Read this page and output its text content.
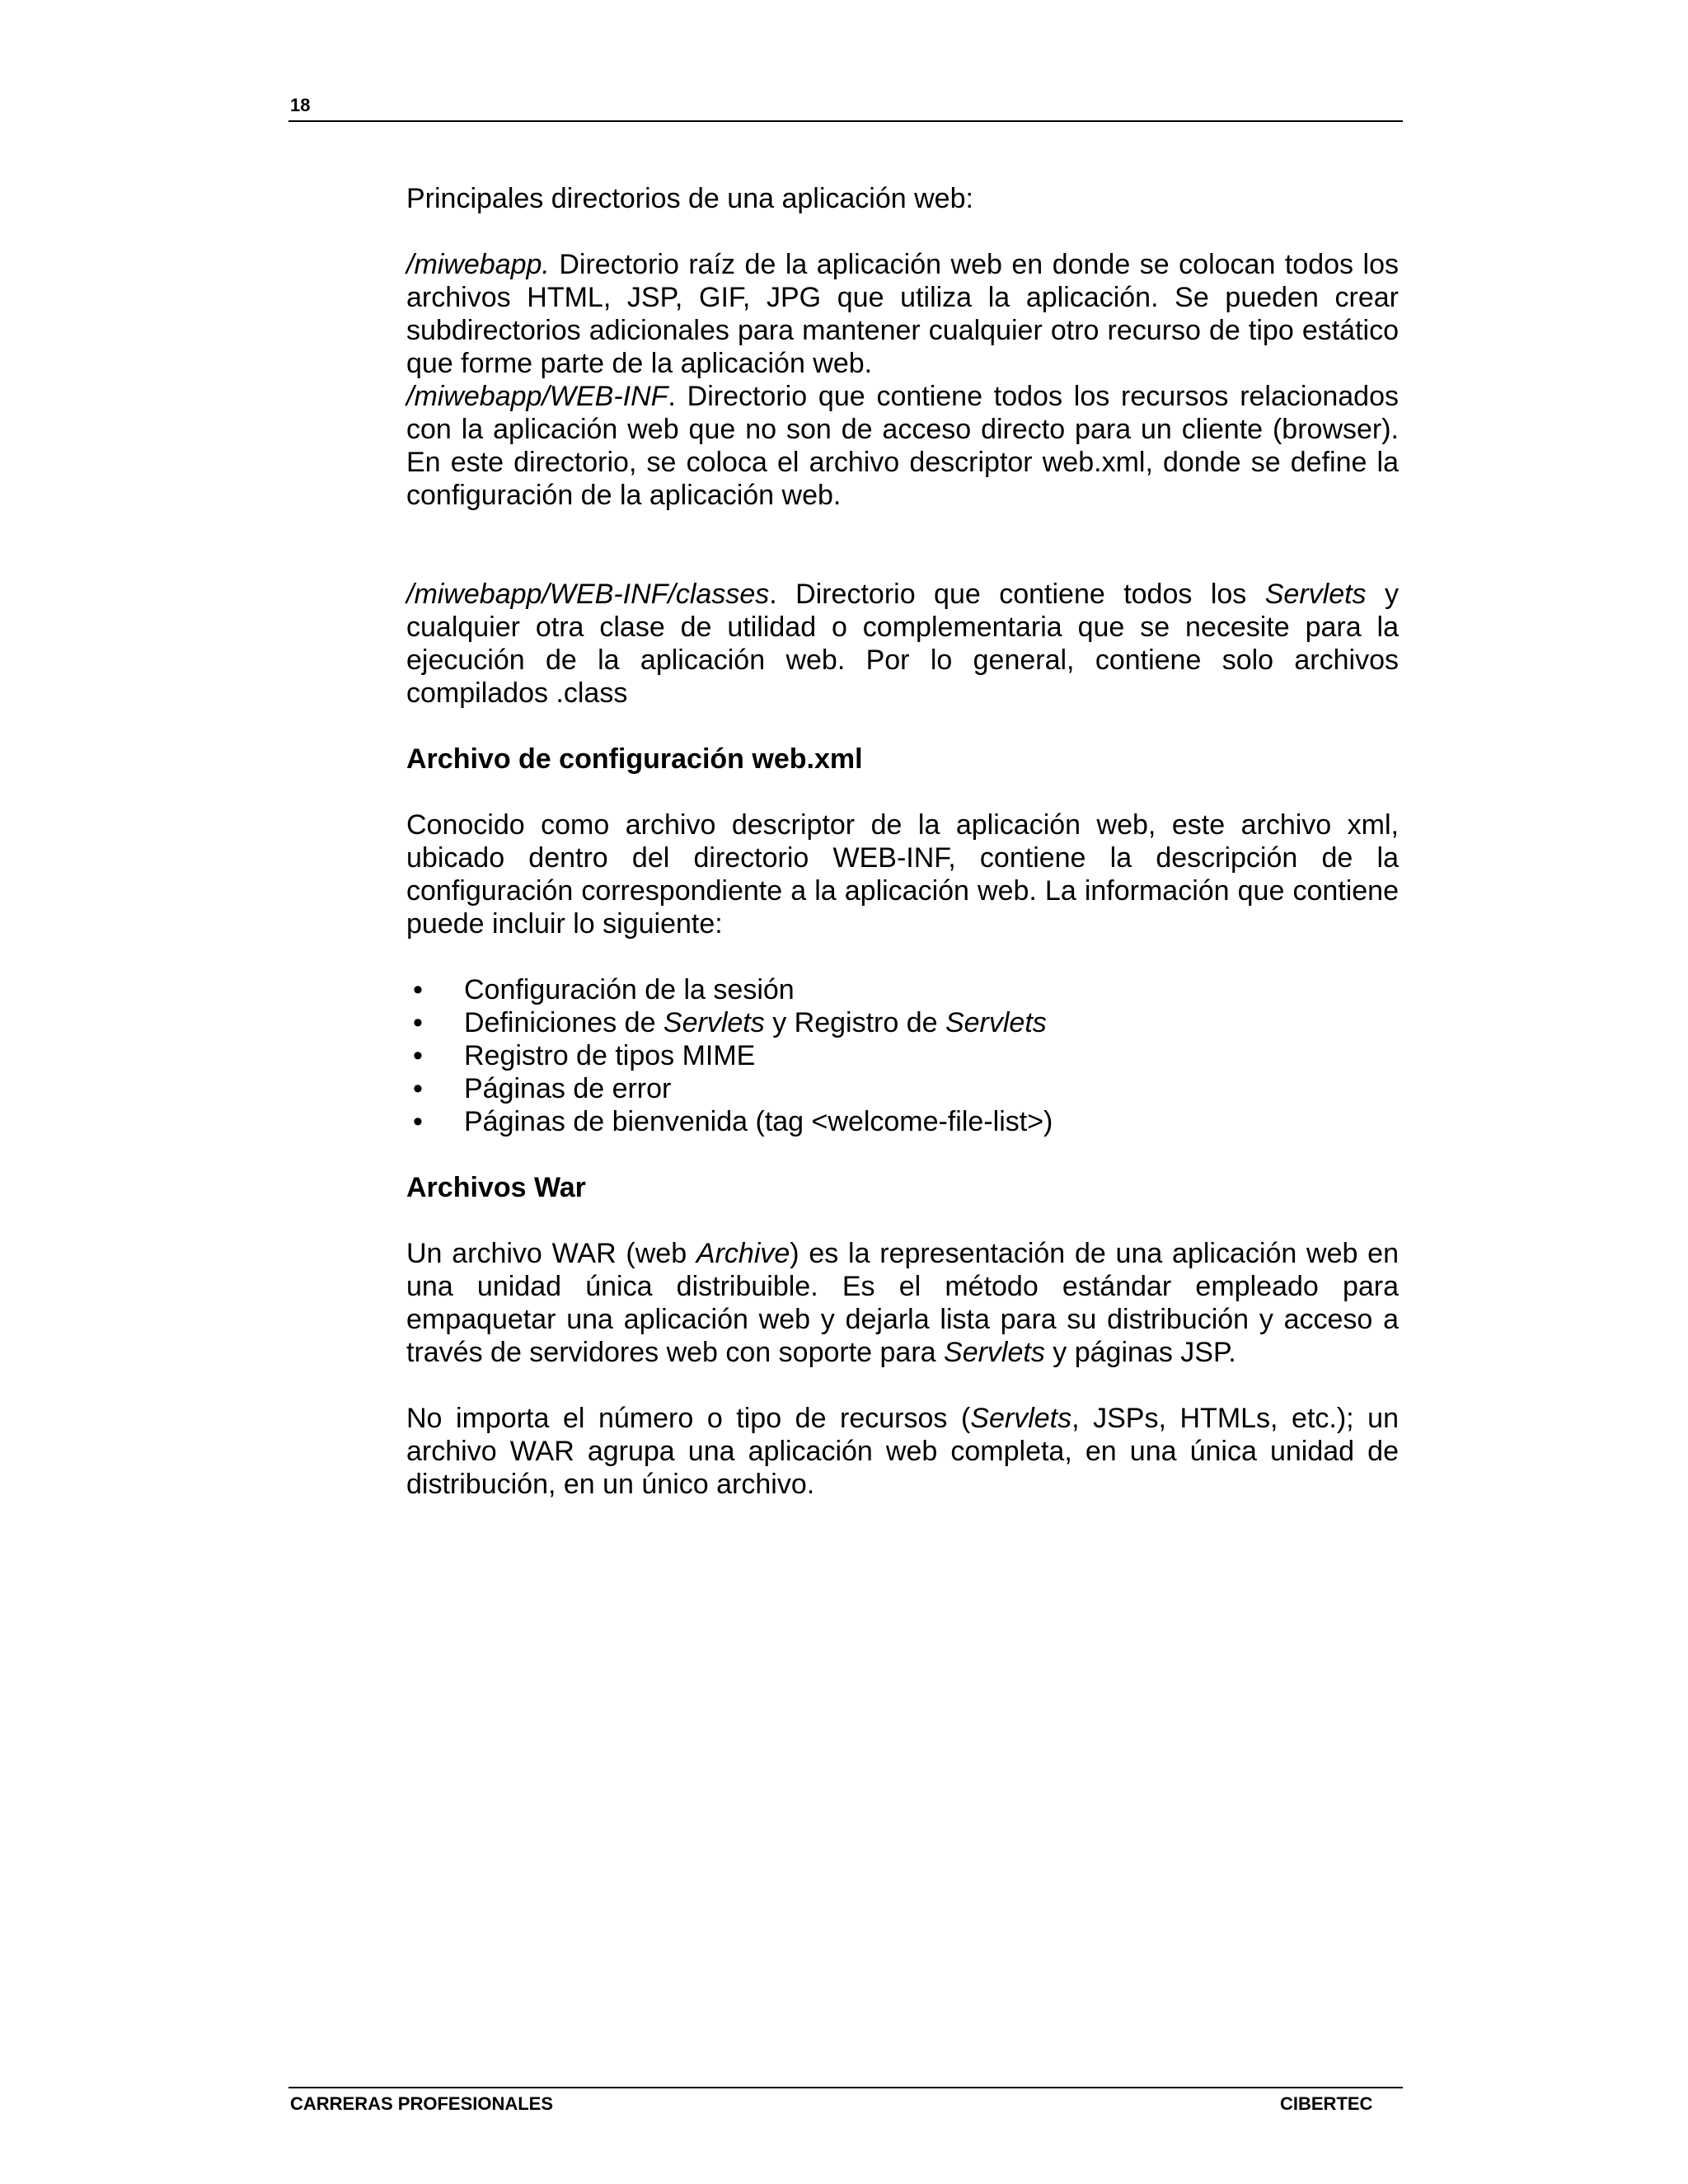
18

Principales directorios de una aplicación web:

/miwebapp. Directorio raíz de la aplicación web en donde se colocan todos los archivos HTML, JSP, GIF, JPG que utiliza la aplicación. Se pueden crear subdirectorios adicionales para mantener cualquier otro recurso de tipo estático que forme parte de la aplicación web.

/miwebapp/WEB-INF. Directorio que contiene todos los recursos relacionados con la aplicación web que no son de acceso directo para un cliente (browser). En este directorio, se coloca el archivo descriptor web.xml, donde se define la configuración de la aplicación web.

/miwebapp/WEB-INF/classes. Directorio que contiene todos los Servlets y cualquier otra clase de utilidad o complementaria que se necesite para la ejecución de la aplicación web. Por lo general, contiene solo archivos compilados .class

Archivo de configuración web.xml

Conocido como archivo descriptor de la aplicación web, este archivo xml, ubicado dentro del directorio WEB-INF, contiene la descripción de la configuración correspondiente a la aplicación web. La información que contiene puede incluir lo siguiente:

• Configuración de la sesión
• Definiciones de Servlets y Registro de Servlets
• Registro de tipos MIME
• Páginas de error
• Páginas de bienvenida (tag <welcome-file-list>)
Archivos War

Un archivo WAR (web Archive) es la representación de una aplicación web en una unidad única distribuible. Es el método estándar empleado para empaquetar una aplicación web y dejarla lista para su distribución y acceso a través de servidores web con soporte para Servlets y páginas JSP.

No importa el número o tipo de recursos (Servlets, JSPs, HTMLs, etc.); un archivo WAR agrupa una aplicación web completa, en una única unidad de distribución, en un único archivo.

CARRERAS PROFESIONALES	CIBERTEC
